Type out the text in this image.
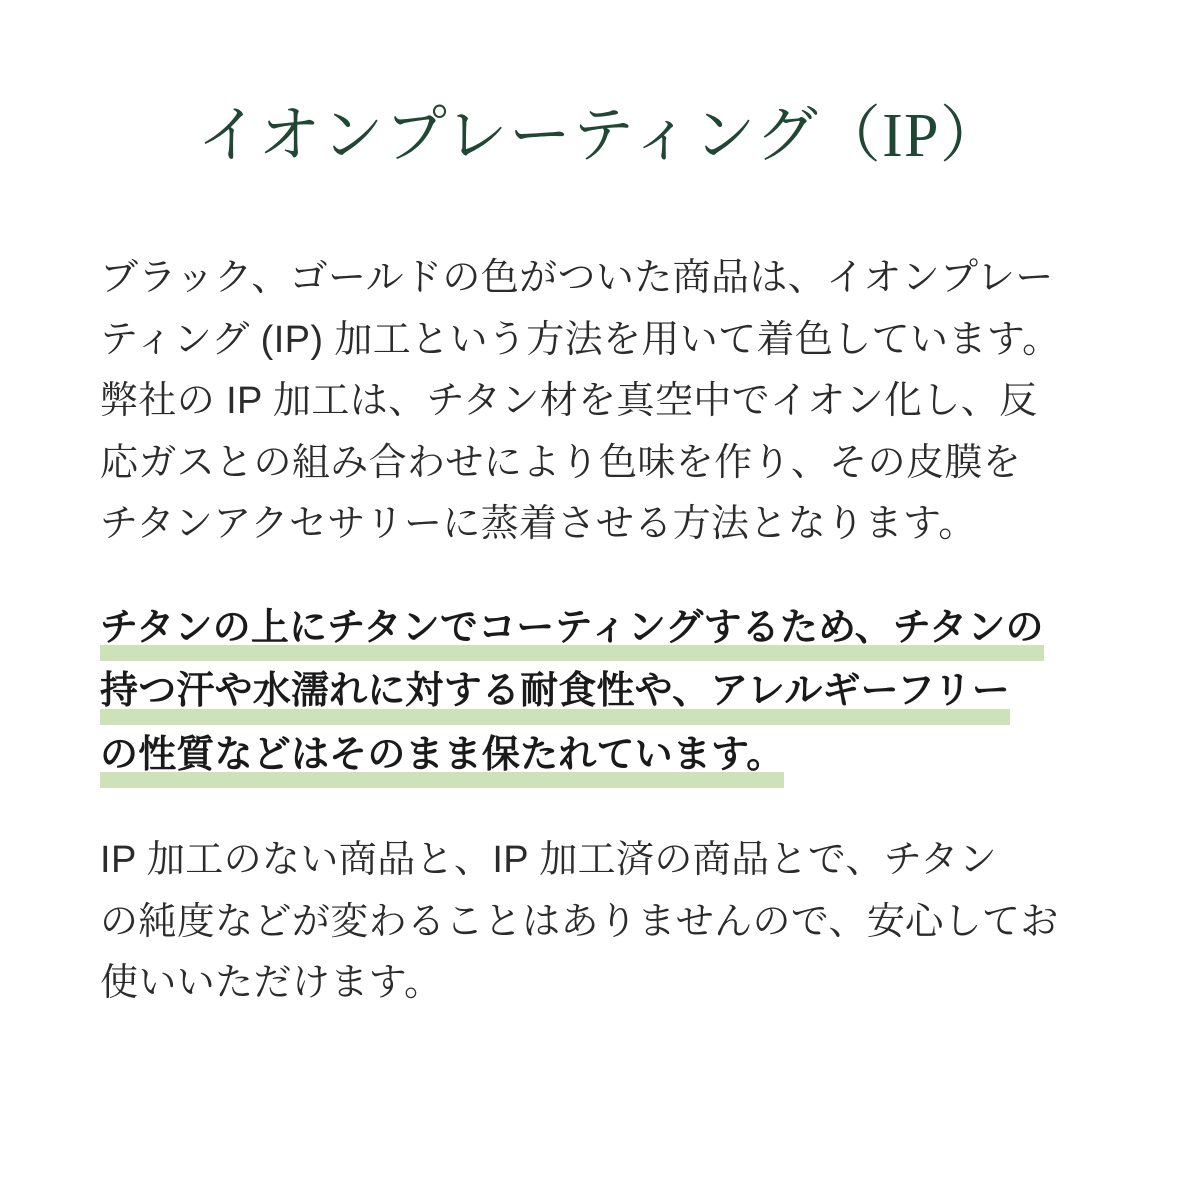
イオンプレーティング（IP）

ブラック、ゴールドの色がついた商品は、イオンプレー
ティング (IP) 加工という方法を用いて着色しています。
弊社の IP 加工は、チタン材を真空中でイオン化し、反
応ガスとの組み合わせにより色味を作り、その皮膜を
チタンアクセサリーに蒸着させる方法となります。

チタンの上にチタンでコーティングするため、チタンの
持つ汗や水濡れに対する耐食性や、アレルギーフリー
の性質などはそのまま保たれています。

IP 加工のない商品と、IP 加工済の商品とで、チタン
の純度などが変わることはありませんので、安心してお
使いいただけます。
